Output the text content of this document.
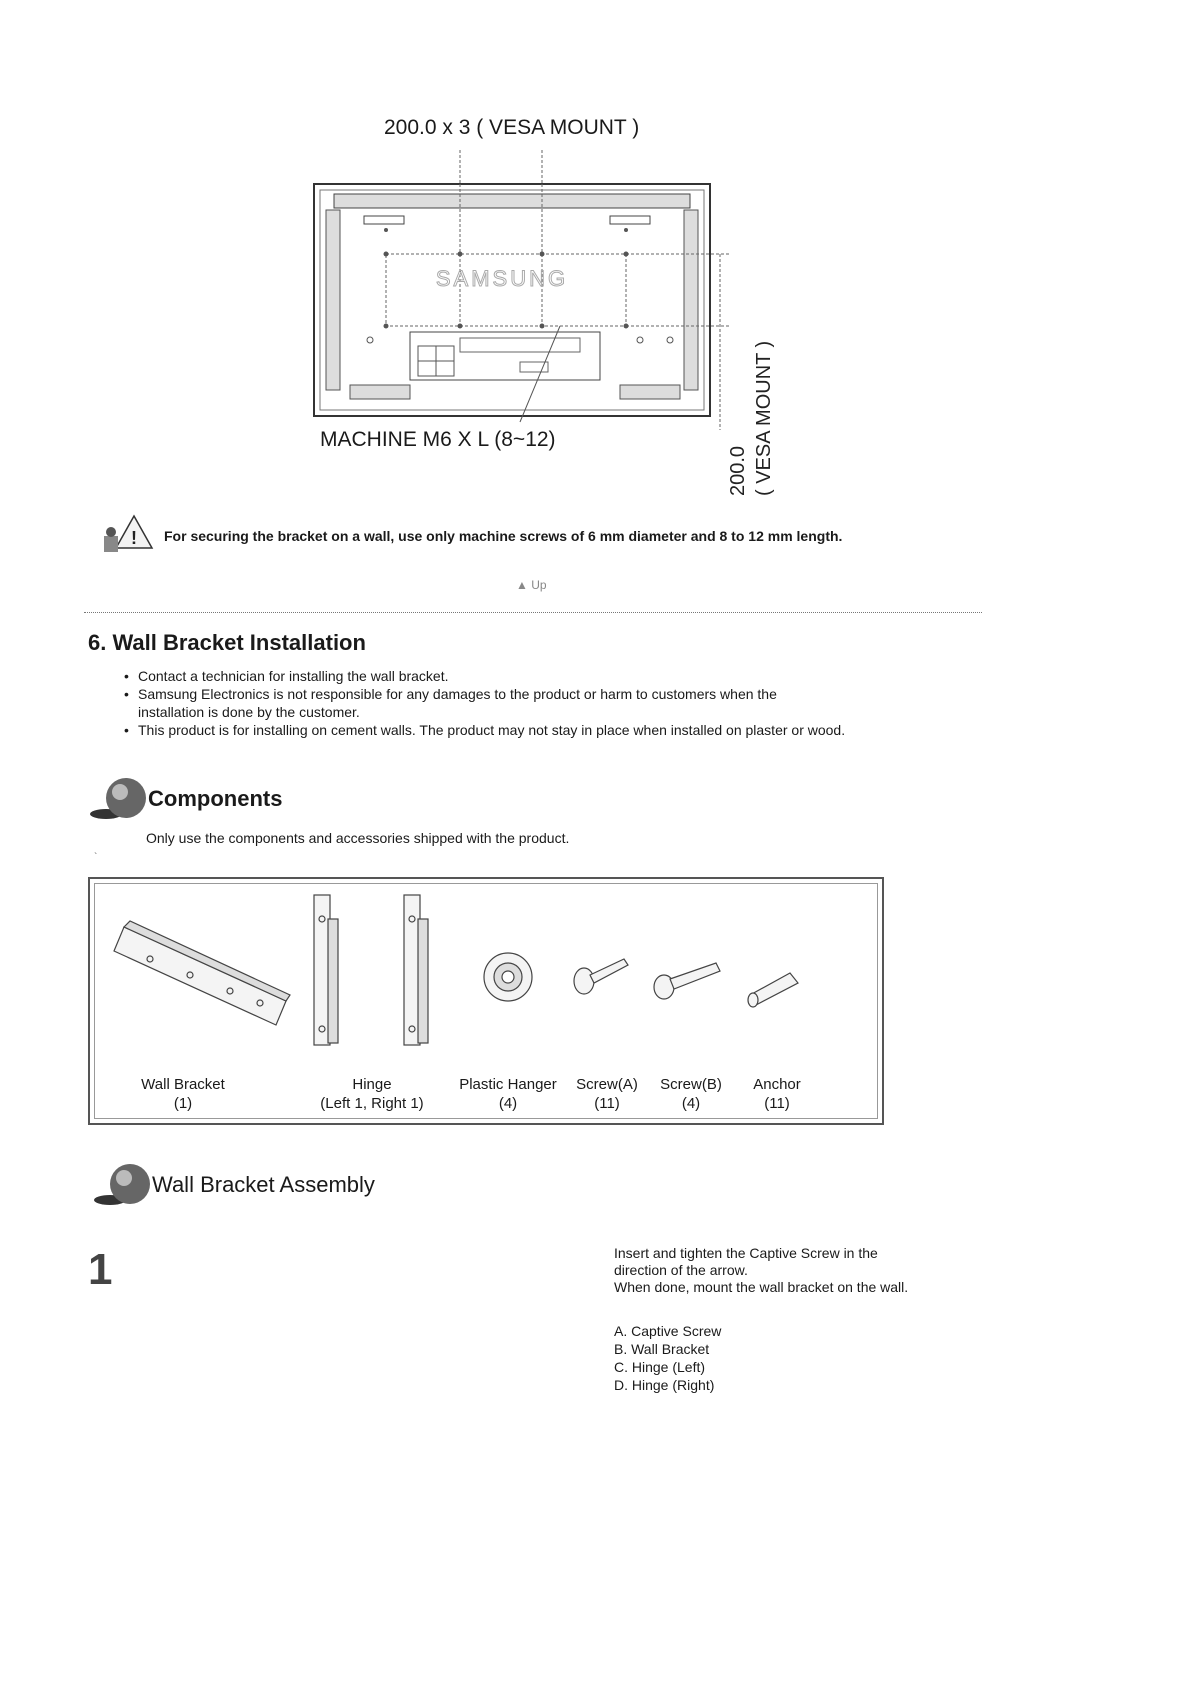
200.0 x 3 ( VESA MOUNT )
SAMSUNG
MACHINE M6 X L (8~12)
200.0 ( VESA MOUNT )
! For securing the bracket on a wall, use only machine screws of 6 mm diameter and 8 to 12 mm length.
▲ Up
6. Wall Bracket Installation
• Contact a technician for installing the wall bracket.
• Samsung Electronics is not responsible for any damages to the product or harm to customers when the
installation is done by the customer.
• This product is for installing on cement walls. The product may not stay in place when installed on plaster or wood.
Components
Only use the components and accessories shipped with the product.
`
Wall Bracket
(1)
Hinge
(Left 1, Right 1)
Plastic Hanger
(4)
Screw(A)
(11)
Screw(B)
(4)
Anchor
(11)
Wall Bracket Assembly
1	Insert and tighten the Captive Screw in the
direction of the arrow.
When done, mount the wall bracket on the wall.
A. Captive Screw
B. Wall Bracket
C. Hinge (Left)
D. Hinge (Right)
